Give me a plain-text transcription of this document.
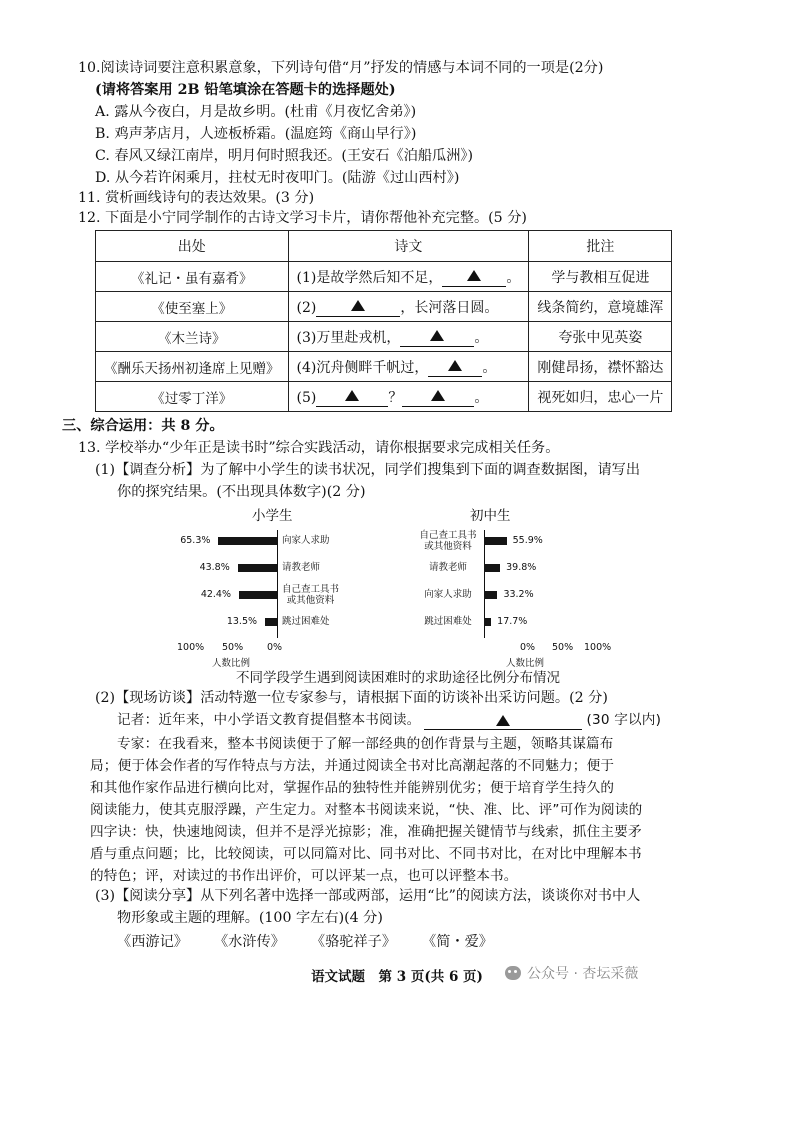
10.阅读诗词要注意积累意象，下列诗句借“月”抒发的情感与本词不同的一项是(2分)
(请将答案用 2B 铅笔填涂在答题卡的选择题处)
A. 露从今夜白，月是故乡明。(杜甫《月夜忆舍弟》)
B. 鸡声茅店月，人迹板桥霜。(温庭筠《商山早行》)
C. 春风又绿江南岸，明月何时照我还。(王安石《泊船瓜洲》)
D. 从今若许闲乘月，拄杖无时夜叩门。(陆游《过山西村》)
11. 赏析画线诗句的表达效果。(3 分)
12. 下面是小宁同学制作的古诗文学习卡片，请你帮他补充完整。(5 分)
出处	诗文	批注
《礼记・虽有嘉肴》	(1)是故学然后知不足， 。	学与教相互促进
《使至塞上》	(2) ，长河落日圆。	线条简约，意境雄浑
《木兰诗》	(3)万里赴戎机， 。	夸张中见英姿
《酬乐天扬州初逢席上见赠》	(4)沉舟侧畔千帆过， 。	刚健昂扬，襟怀豁达
《过零丁洋》	(5) ？ 。	视死如归，忠心一片
三、综合运用：共 8 分。
13. 学校举办“少年正是读书时”综合实践活动，请你根据要求完成相关任务。
(1)【调查分析】为了解中小学生的读书状况，同学们搜集到下面的调查数据图，请写出
你的探究结果。(不出现具体数字)(2 分)
小学生
65.3%	向家人求助
43.8%	请教老师
42.4%	自己查工具书
或其他资料
13.5%	跳过困难处
100% 50%	0%
人数比例
初中生
55.9%
自己查工具书
或其他资料
39.8%
请教老师
33.2%
向家人求助
17.7%
跳过困难处
100%
50%
0%
人数比例
不同学段学生遇到阅读困难时的求助途径比例分布情况
(2)【现场访谈】活动特邀一位专家参与，请根据下面的访谈补出采访问题。(2 分)
记者：近年来，中小学语文教育提倡整本书阅读。	(30 字以内)
专家：在我看来，整本书阅读便于了解一部经典的创作背景与主题，领略其谋篇布
局；便于体会作者的写作特点与方法，并通过阅读全书对比高潮起落的不同魅力；便于
和其他作家作品进行横向比对，掌握作品的独特性并能辨别优劣；便于培育学生持久的
阅读能力，使其克服浮躁，产生定力。对整本书阅读来说，“快、准、比、评”可作为阅读的
四字诀：快，快速地阅读，但并不是浮光掠影；准，准确把握关键情节与线索，抓住主要矛
盾与重点问题；比，比较阅读，可以同篇对比、同书对比、不同书对比，在对比中理解本书
的特色；评，对读过的书作出评价，可以评某一点，也可以评整本书。
(3)【阅读分享】从下列名著中选择一部或两部，运用“比”的阅读方法，谈谈你对书中人
物形象或主题的理解。(100 字左右)(4 分)
《西游记》 《水浒传》 《骆驼祥子》 《简・爱》
语文试题　第 3 页(共 6 页)	公众号 · 杏坛采薇
